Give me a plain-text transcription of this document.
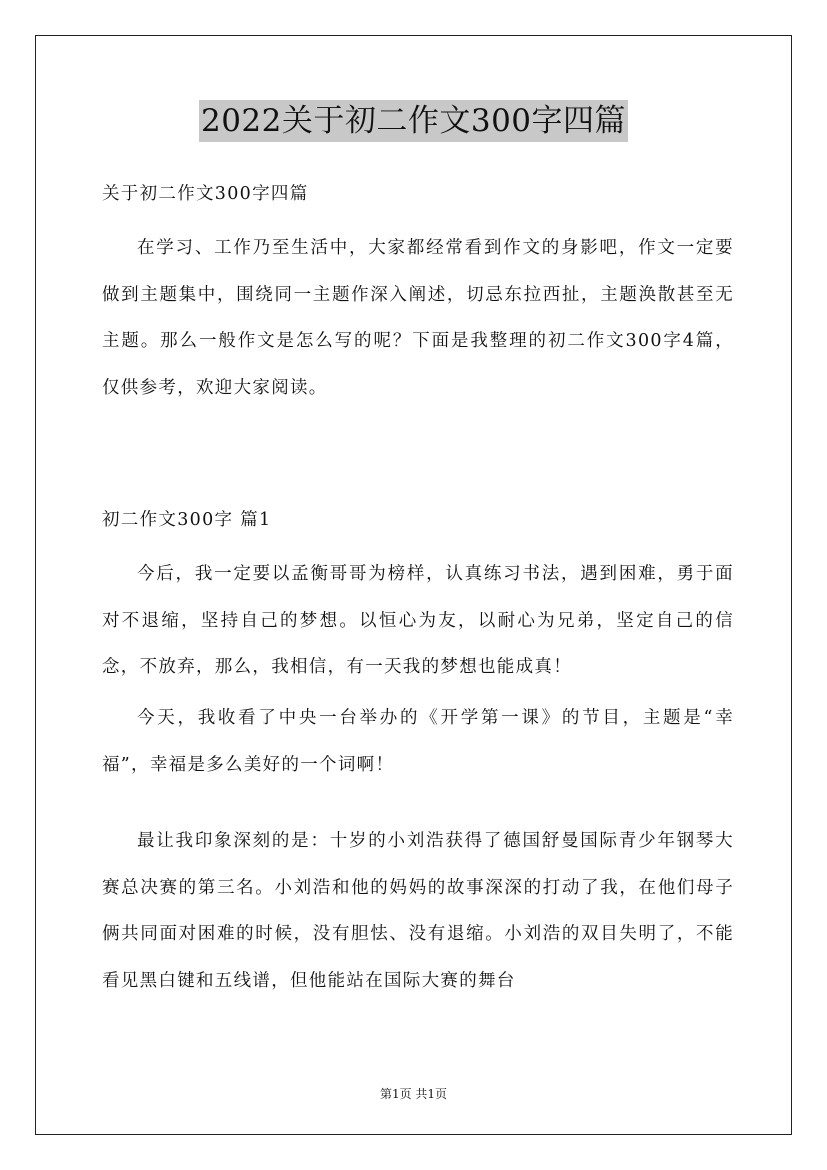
2022关于初二作文300字四篇
关于初二作文300字四篇
在学习、工作乃至生活中，大家都经常看到作文的身影吧，作文一定要做到主题集中，围绕同一主题作深入阐述，切忌东拉西扯，主题涣散甚至无主题。那么一般作文是怎么写的呢？下面是我整理的初二作文300字4篇，仅供参考，欢迎大家阅读。
初二作文300字 篇1
今后，我一定要以孟衡哥哥为榜样，认真练习书法，遇到困难，勇于面对不退缩，坚持自己的梦想。以恒心为友，以耐心为兄弟，坚定自己的信念，不放弃，那么，我相信，有一天我的梦想也能成真！
今天，我收看了中央一台举办的《开学第一课》的节目，主题是“幸福”，幸福是多么美好的一个词啊！
最让我印象深刻的是：十岁的小刘浩获得了德国舒曼国际青少年钢琴大赛总决赛的第三名。小刘浩和他的妈妈的故事深深的打动了我，在他们母子俩共同面对困难的时候，没有胆怯、没有退缩。小刘浩的双目失明了，不能看见黑白键和五线谱，但他能站在国际大赛的舞台
第1页 共1页
